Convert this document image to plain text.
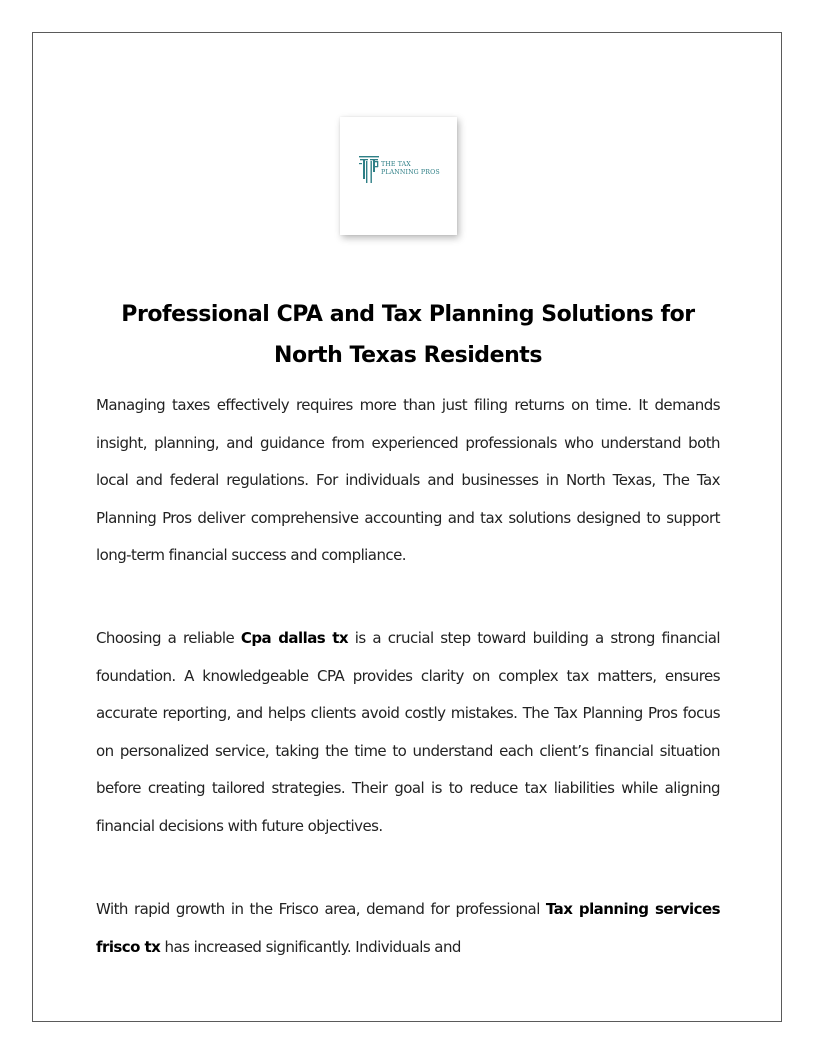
THE TAX
PLANNING PROS
Professional CPA and Tax Planning Solutions for
North Texas Residents

Managing taxes effectively requires more than just filing returns on time. It demands insight, planning, and guidance from experienced professionals who understand both local and federal regulations. For individuals and businesses in North Texas, The Tax Planning Pros deliver comprehensive accounting and tax solutions designed to support long-term financial success and compliance.

Choosing a reliable Cpa dallas tx is a crucial step toward building a strong financial foundation. A knowledgeable CPA provides clarity on complex tax matters, ensures accurate reporting, and helps clients avoid costly mistakes. The Tax Planning Pros focus on personalized service, taking the time to understand each client’s financial situation before creating tailored strategies. Their goal is to reduce tax liabilities while aligning financial decisions with future objectives.

With rapid growth in the Frisco area, demand for professional Tax planning services frisco tx has increased significantly. Individuals and
